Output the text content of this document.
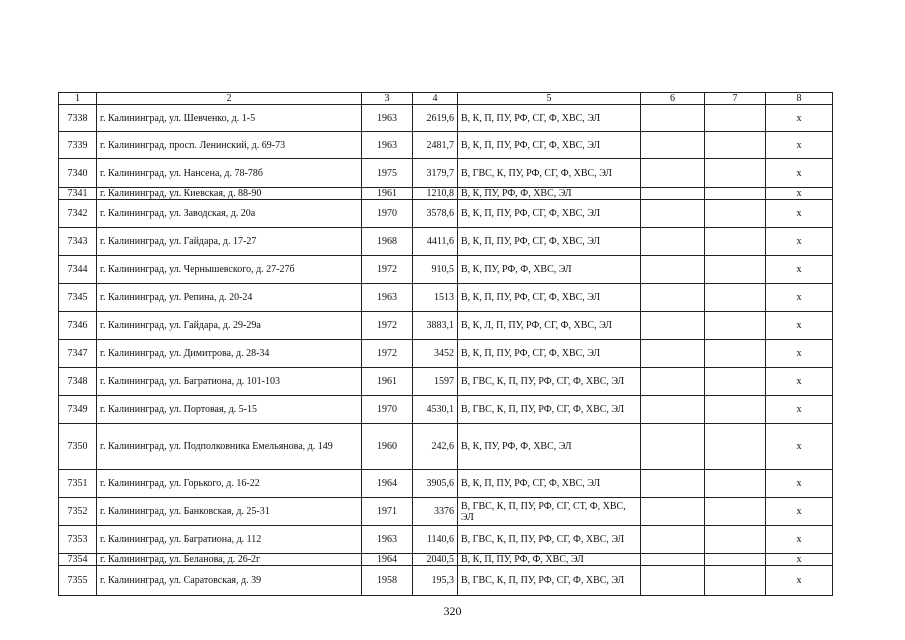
1	2	3	4	5	6	7	8
7338	г. Калининград, ул. Шевченко, д. 1-5	1963	2619,6	В, К, П, ПУ, РФ, СГ, Ф, ХВС, ЭЛ			х
7339	г. Калининград, просп. Ленинский, д. 69-73	1963	2481,7	В, К, П, ПУ, РФ, СГ, Ф, ХВС, ЭЛ			х
7340	г. Калининград, ул. Нансена, д. 78-78б	1975	3179,7	В, ГВС, К, ПУ, РФ, СГ, Ф, ХВС, ЭЛ			х
7341	г. Калининград, ул. Киевская, д. 88-90	1961	1210,8	В, К, ПУ, РФ, Ф, ХВС, ЭЛ			х
7342	г. Калининград, ул. Заводская, д. 20а	1970	3578,6	В, К, П, ПУ, РФ, СГ, Ф, ХВС, ЭЛ			х
7343	г. Калининград, ул. Гайдара, д. 17-27	1968	4411,6	В, К, П, ПУ, РФ, СГ, Ф, ХВС, ЭЛ			х
7344	г. Калининград, ул. Чернышевского, д. 27-27б	1972	910,5	В, К, ПУ, РФ, Ф, ХВС, ЭЛ			х
7345	г. Калининград, ул. Репина, д. 20-24	1963	1513	В, К, П, ПУ, РФ, СГ, Ф, ХВС, ЭЛ			х
7346	г. Калининград, ул. Гайдара, д. 29-29а	1972	3883,1	В, К, Л, П, ПУ, РФ, СГ, Ф, ХВС, ЭЛ			х
7347	г. Калининград, ул. Димитрова, д. 28-34	1972	3452	В, К, П, ПУ, РФ, СГ, Ф, ХВС, ЭЛ			х
7348	г. Калининград, ул. Багратиона, д. 101-103	1961	1597	В, ГВС, К, П, ПУ, РФ, СГ, Ф, ХВС, ЭЛ			х
7349	г. Калининград, ул. Портовая, д. 5-15	1970	4530,1	В, ГВС, К, П, ПУ, РФ, СГ, Ф, ХВС, ЭЛ			х
7350	г. Калининград, ул. Подполковника Емельянова, д. 149	1960	242,6	В, К, ПУ, РФ, Ф, ХВС, ЭЛ			х
7351	г. Калининград, ул. Горького, д. 16-22	1964	3905,6	В, К, П, ПУ, РФ, СГ, Ф, ХВС, ЭЛ			х
7352	г. Калининград, ул. Банковская, д. 25-31	1971	3376	В, ГВС, К, П, ПУ, РФ, СГ, СТ, Ф, ХВС, ЭЛ			х
7353	г. Калининград, ул. Багратиона, д. 112	1963	1140,6	В, ГВС, К, П, ПУ, РФ, СГ, Ф, ХВС, ЭЛ			х
7354	г. Калининград, ул. Беланова, д. 26-2г	1964	2040,5	В, К, П, ПУ, РФ, Ф, ХВС, ЭЛ			х
7355	г. Калининград, ул. Саратовская, д. 39	1958	195,3	В, ГВС, К, П, ПУ, РФ, СГ, Ф, ХВС, ЭЛ			х
320
